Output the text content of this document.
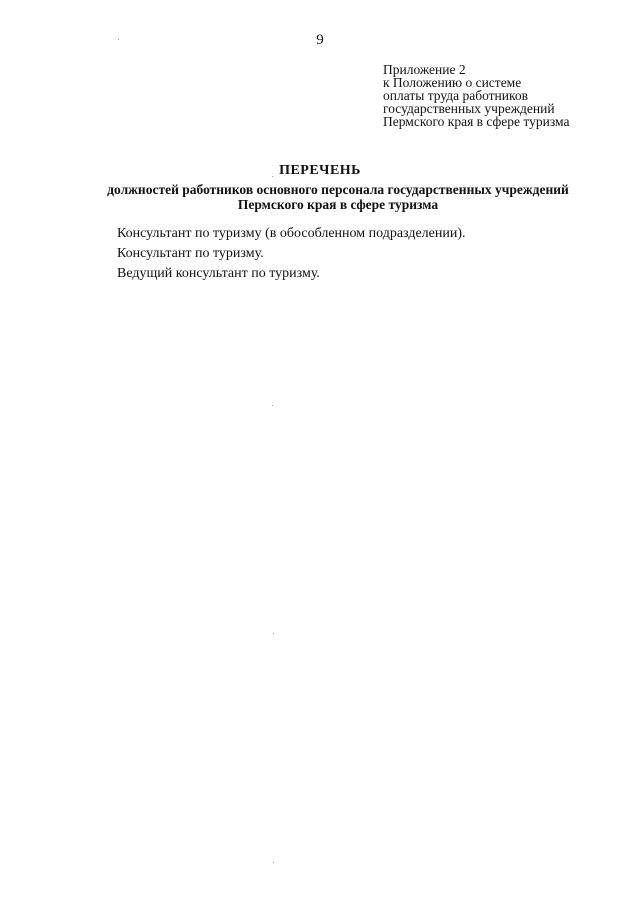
9
Приложение 2
к Положению о системе
оплаты труда работников
государственных учреждений
Пермского края в сфере туризма
ПЕРЕЧЕНЬ
должностей работников основного персонала государственных учреждений
Пермского края в сфере туризма
Консультант по туризму (в обособленном подразделении).
Консультант по туризму.
Ведущий консультант по туризму.
